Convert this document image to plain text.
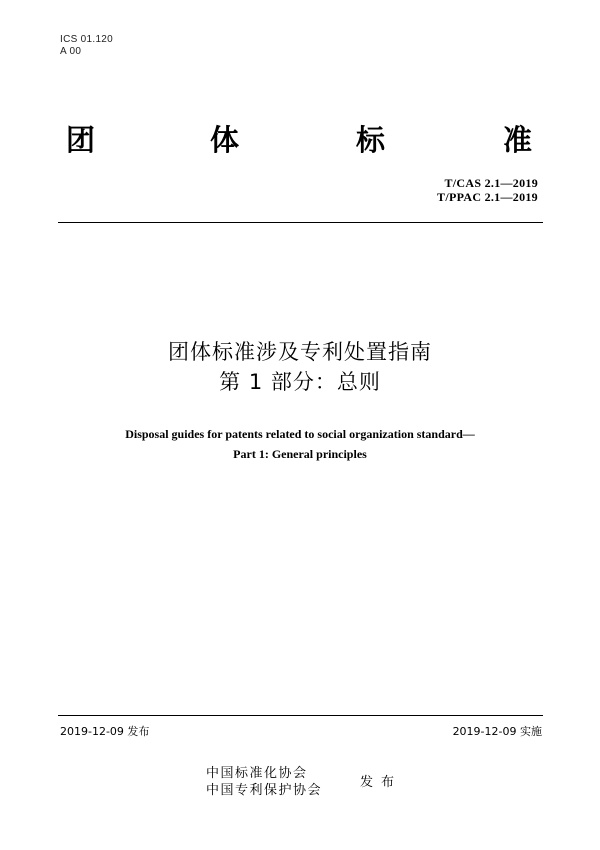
ICS 01.120
A 00
团	体	标	准
T/CAS 2.1—2019
T/PPAC 2.1—2019
团体标准涉及专利处置指南
第 1 部分：总则
Disposal guides for patents related to social organization standard—
Part 1: General principles
2019-12-09 发布	2019-12-09 实施
中国标准化协会
中国专利保护协会
发布
